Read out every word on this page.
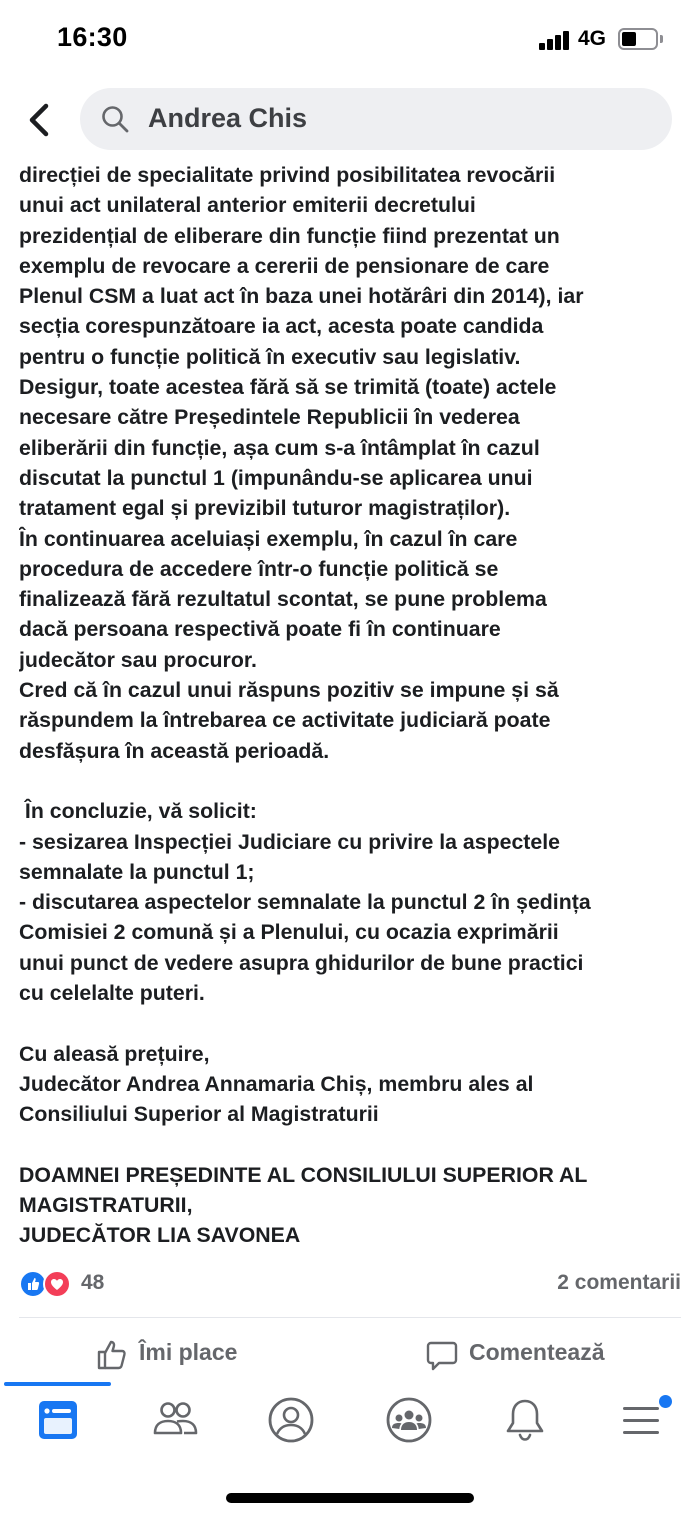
16:30	4G
Andrea Chis

direcției de specialitate privind posibilitatea revocării

unui act unilateral anterior emiterii decretului

prezidențial de eliberare din funcție fiind prezentat un

exemplu de revocare a cererii de pensionare de care

Plenul CSM a luat act în baza unei hotărâri din 2014), iar

secția corespunzătoare ia act, acesta poate candida

pentru o funcție politică în executiv sau legislativ.

Desigur, toate acestea fără să se trimită (toate) actele

necesare către Președintele Republicii în vederea

eliberării din funcție, așa cum s-a întâmplat în cazul

discutat la punctul 1 (impunându-se aplicarea unui

tratament egal și previzibil tuturor magistraților).

În continuarea aceluiași exemplu, în cazul în care

procedura de accedere într-o funcție politică se

finalizează fără rezultatul scontat, se pune problema

dacă persoana respectivă poate fi în continuare

judecător sau procuror.

Cred că în cazul unui răspuns pozitiv se impune și să

răspundem la întrebarea ce activitate judiciară poate

desfășura în această perioadă.

În concluzie, vă solicit:

- sesizarea Inspecției Judiciare cu privire la aspectele

semnalate la punctul 1;

- discutarea aspectelor semnalate la punctul 2 în ședința

Comisiei 2 comună și a Plenului, cu ocazia exprimării

unui punct de vedere asupra ghidurilor de bune practici

cu celelalte puteri.

Cu aleasă prețuire,

Judecător Andrea Annamaria Chiș, membru ales al

Consiliului Superior al Magistraturii

DOAMNEI PREȘEDINTE AL CONSILIULUI SUPERIOR AL

MAGISTRATURII,

JUDECĂTOR LIA SAVONEA

48	2 comentarii
Îmi place	Comentează
